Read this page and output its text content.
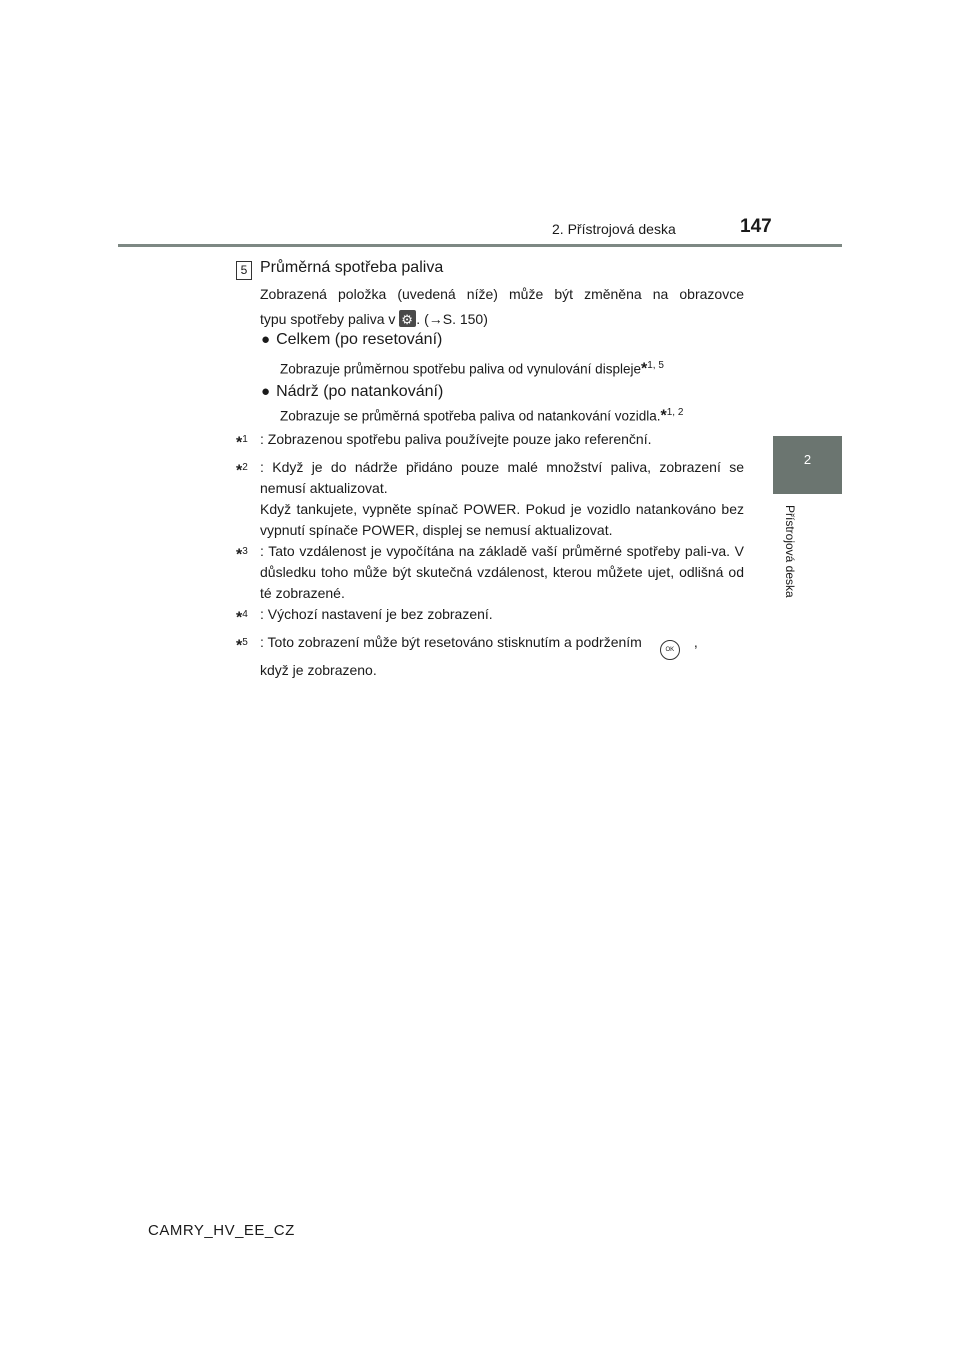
2. Přístrojová deska	147
2
Přístrojová deska
5 Průměrná spotřeba paliva
Zobrazená položka (uvedená níže) může být změněna na obrazovce
typu spotřeby paliva v ⚙ . (→S. 150)
● Celkem (po resetování)
Zobrazuje průměrnou spotřebu paliva od vynulování displeje*$^{1, 5}$
● Nádrž (po natankování)
Zobrazuje se průměrná spotřeba paliva od natankování vozidla.*$^{1, 2}$
*$^1$ : Zobrazenou spotřebu paliva používejte pouze jako referenční.
*$^2$ : Když je do nádrže přidáno pouze malé množství paliva, zobrazení se nemusí aktualizovat.
Když tankujete, vypněte spínač POWER. Pokud je vozidlo natankováno bez vypnutí spínače POWER, displej se nemusí aktualizovat.
*$^3$ : Tato vzdálenost je vypočítána na základě vaší průměrné spotřeby pali-va. V důsledku toho může být skutečná vzdálenost, kterou můžete ujet, odlišná od té zobrazené.
*$^4$ : Výchozí nastavení je bez zobrazení.
*$^5$ : Toto zobrazení může být resetováno stisknutím a podržením	OK ,
když je zobrazeno.
CAMRY_HV_EE_CZ
